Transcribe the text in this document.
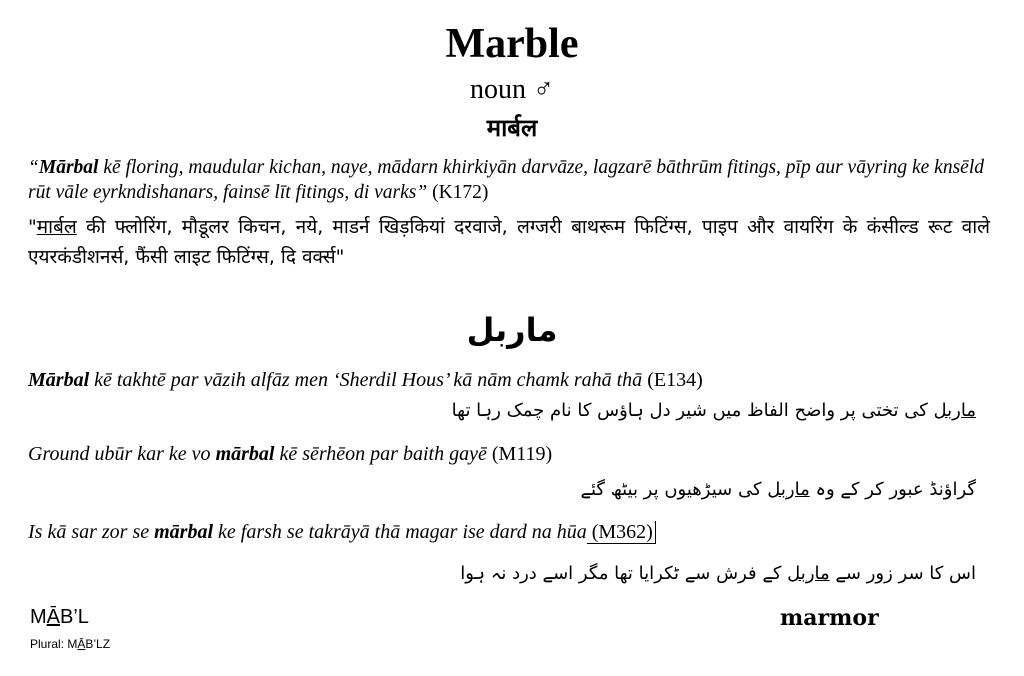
Marble
noun ♂
मार्बल
“Mārbal kē floring, maudular kichan, naye, mādarn khirkiyān darvāze, lagzarē bāthrūm fitings, pīp aur vāyring ke knsēld rūt vāle eyrkndishanars, fainsē līt fitings, di varks” (K172)
"मार्बल की फ्लोरिंग, मौडूलर किचन, नये, माडर्न खिड़कियां दरवाजे, लग्जरी बाथरूम फिटिंग्स, पाइप और वायरिंग के कंसील्ड रूट वाले एयरकंडीशनर्स, फैंसी लाइट फिटिंग्स, दि वर्क्स"
ماربل
Mārbal kē takhtē par vāzih alfāz men ‘Sherdil Hous’ kā nām chamk rahā thā (E134)
ماربل کی تختی پر واضح الفاظ میں شیر دل ہاؤس کا نام چمک رہا تھا
Ground ubūr kar ke vo mārbal kē sērhēon par baith gayē (M119)
گراؤنڈ عبور کر کے وہ ماربل کی سیڑھیوں پر بیٹھ گئے
Is kā sar zor se mārbal ke farsh se takrāyā thā magar ise dard na hūa (M362)
اس کا سر زور سے ماربل کے فرش سے ٹکرایا تھا مگر اسے درد نہ ہوا
MĀB’L
Plural: MĀB’LZ
marmor
